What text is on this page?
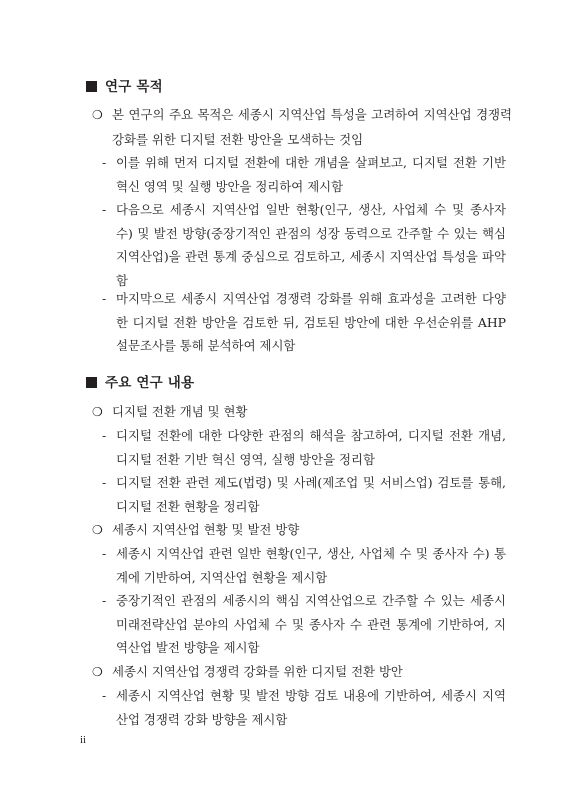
연구 목적
❍ 본 연구의 주요 목적은 세종시 지역산업 특성을 고려하여 지역산업 경쟁력 강화를 위한 디지털 전환 방안을 모색하는 것임
- 이를 위해 먼저 디지털 전환에 대한 개념을 살펴보고, 디지털 전환 기반 혁신 영역 및 실행 방안을 정리하여 제시함
- 다음으로 세종시 지역산업 일반 현황(인구, 생산, 사업체 수 및 종사자 수) 및 발전 방향(중장기적인 관점의 성장 동력으로 간주할 수 있는 핵심 지역산업)을 관련 통계 중심으로 검토하고, 세종시 지역산업 특성을 파악함
- 마지막으로 세종시 지역산업 경쟁력 강화를 위해 효과성을 고려한 다양한 디지털 전환 방안을 검토한 뒤, 검토된 방안에 대한 우선순위를 AHP 설문조사를 통해 분석하여 제시함
주요 연구 내용
❍ 디지털 전환 개념 및 현황
- 디지털 전환에 대한 다양한 관점의 해석을 참고하여, 디지털 전환 개념, 디지털 전환 기반 혁신 영역, 실행 방안을 정리함
- 디지털 전환 관련 제도(법령) 및 사례(제조업 및 서비스업) 검토를 통해, 디지털 전환 현황을 정리함
❍ 세종시 지역산업 현황 및 발전 방향
- 세종시 지역산업 관련 일반 현황(인구, 생산, 사업체 수 및 종사자 수) 통계에 기반하여, 지역산업 현황을 제시함
- 중장기적인 관점의 세종시의 핵심 지역산업으로 간주할 수 있는 세종시 미래전략산업 분야의 사업체 수 및 종사자 수 관련 통계에 기반하여, 지역산업 발전 방향을 제시함
❍ 세종시 지역산업 경쟁력 강화를 위한 디지털 전환 방안
- 세종시 지역산업 현황 및 발전 방향 검토 내용에 기반하여, 세종시 지역산업 경쟁력 강화 방향을 제시함
ii
